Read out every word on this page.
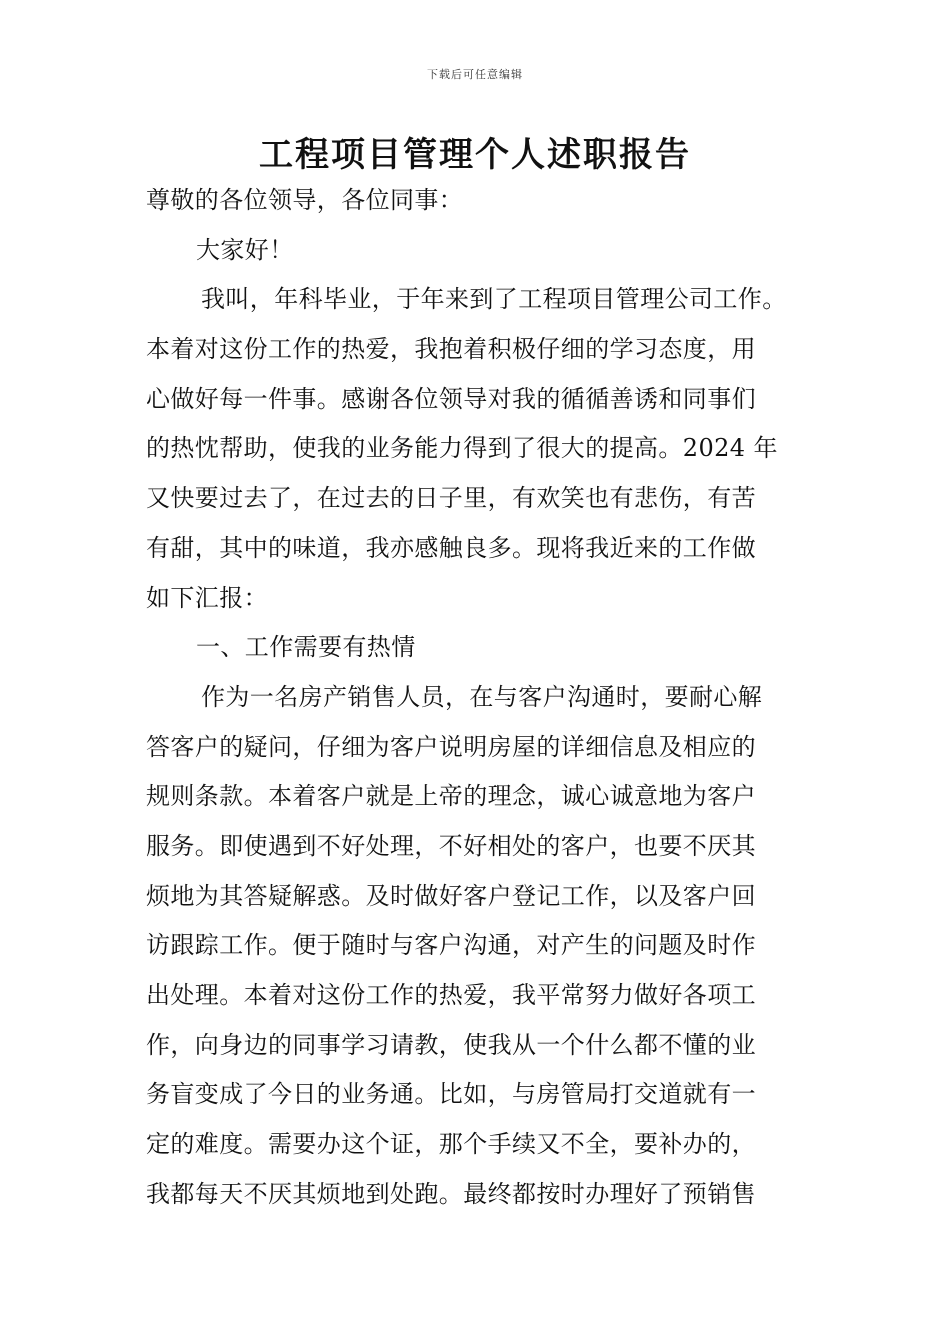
下载后可任意编辑
工程项目管理个人述职报告
尊敬的各位领导，各位同事：
大家好！
我叫，年科毕业，于年来到了工程项目管理公司工作。
本着对这份工作的热爱，我抱着积极仔细的学习态度，用
心做好每一件事。感谢各位领导对我的循循善诱和同事们
的热忱帮助，使我的业务能力得到了很大的提高。2024 年
又快要过去了，在过去的日子里，有欢笑也有悲伤，有苦
有甜，其中的味道，我亦感触良多。现将我近来的工作做
如下汇报：
一、工作需要有热情
作为一名房产销售人员，在与客户沟通时，要耐心解
答客户的疑问，仔细为客户说明房屋的详细信息及相应的
规则条款。本着客户就是上帝的理念，诚心诚意地为客户
服务。即使遇到不好处理，不好相处的客户，也要不厌其
烦地为其答疑解惑。及时做好客户登记工作，以及客户回
访跟踪工作。便于随时与客户沟通，对产生的问题及时作
出处理。本着对这份工作的热爱，我平常努力做好各项工
作，向身边的同事学习请教，使我从一个什么都不懂的业
务盲变成了今日的业务通。比如，与房管局打交道就有一
定的难度。需要办这个证，那个手续又不全，要补办的，
我都每天不厌其烦地到处跑。最终都按时办理好了预销售
